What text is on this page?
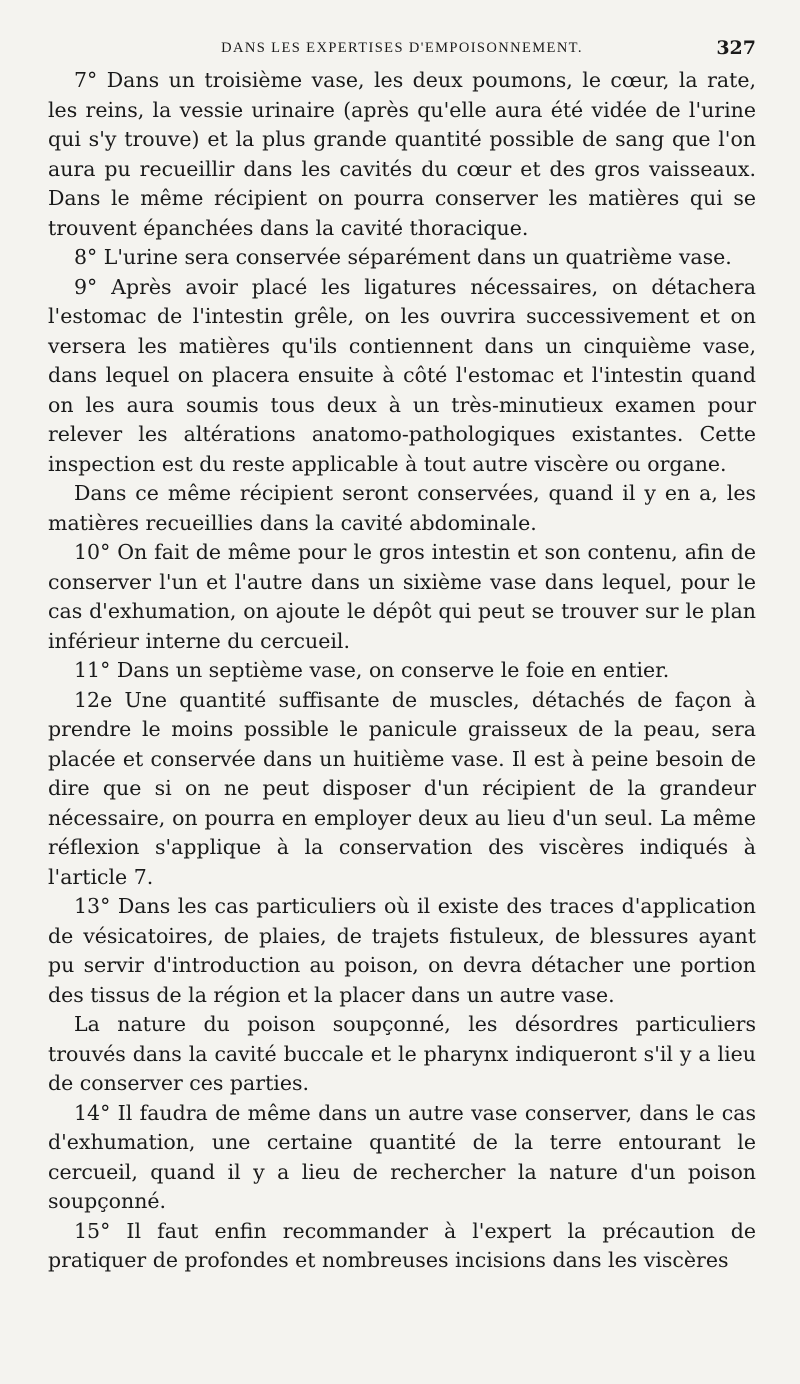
DANS LES EXPERTISES D'EMPOISONNEMENT.	327

7° Dans un troisième vase, les deux poumons, le cœur, la rate, les reins, la vessie urinaire (après qu'elle aura été vidée de l'urine qui s'y trouve) et la plus grande quantité possible de sang que l'on aura pu recueillir dans les cavités du cœur et des gros vaisseaux. Dans le même récipient on pourra conserver les matières qui se trouvent épanchées dans la cavité thoracique.

8° L'urine sera conservée séparément dans un quatrième vase.

9° Après avoir placé les ligatures nécessaires, on détachera l'estomac de l'intestin grêle, on les ouvrira successivement et on versera les matières qu'ils contiennent dans un cinquième vase, dans lequel on placera ensuite à côté l'estomac et l'intestin quand on les aura soumis tous deux à un très-minutieux examen pour relever les altérations anatomo-pathologiques existantes. Cette inspection est du reste applicable à tout autre viscère ou organe.

Dans ce même récipient seront conservées, quand il y en a, les matières recueillies dans la cavité abdominale.

10° On fait de même pour le gros intestin et son contenu, afin de conserver l'un et l'autre dans un sixième vase dans lequel, pour le cas d'exhumation, on ajoute le dépôt qui peut se trouver sur le plan inférieur interne du cercueil.

11° Dans un septième vase, on conserve le foie en entier.

12e Une quantité suffisante de muscles, détachés de façon à prendre le moins possible le panicule graisseux de la peau, sera placée et conservée dans un huitième vase. Il est à peine besoin de dire que si on ne peut disposer d'un récipient de la grandeur nécessaire, on pourra en employer deux au lieu d'un seul. La même réflexion s'applique à la conservation des viscères indiqués à l'article 7.

13° Dans les cas particuliers où il existe des traces d'application de vésicatoires, de plaies, de trajets fistuleux, de blessures ayant pu servir d'introduction au poison, on devra détacher une portion des tissus de la région et la placer dans un autre vase.

La nature du poison soupçonné, les désordres particuliers trouvés dans la cavité buccale et le pharynx indiqueront s'il y a lieu de conserver ces parties.

14° Il faudra de même dans un autre vase conserver, dans le cas d'exhumation, une certaine quantité de la terre entourant le cercueil, quand il y a lieu de rechercher la nature d'un poison soupçonné.

15° Il faut enfin recommander à l'expert la précaution de pratiquer de profondes et nombreuses incisions dans les viscères
